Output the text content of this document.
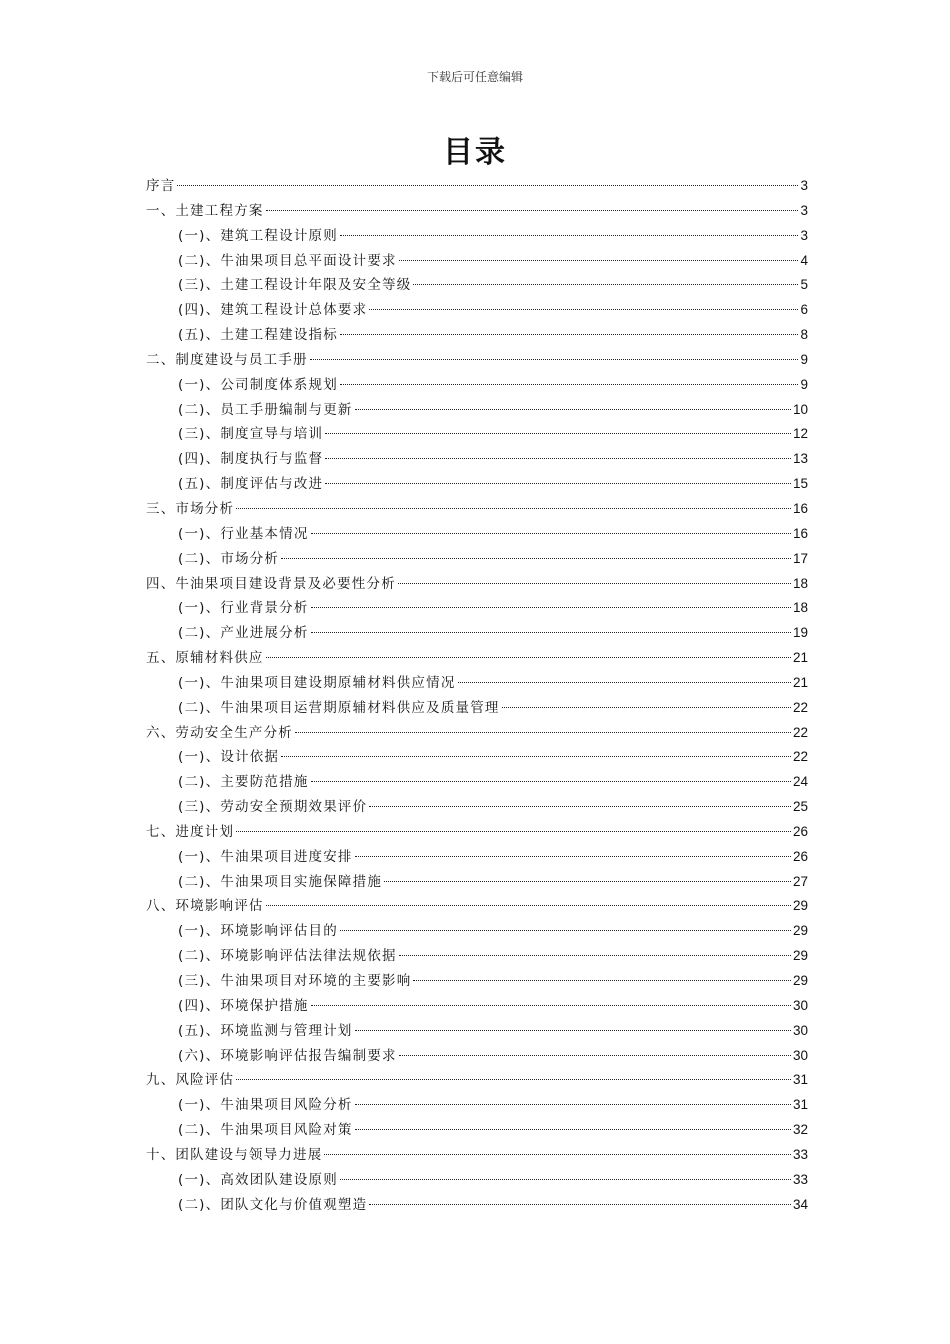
下载后可任意编辑
目录
序言	3
一、土建工程方案	3
(一)、建筑工程设计原则	3
(二)、牛油果项目总平面设计要求	4
(三)、土建工程设计年限及安全等级	5
(四)、建筑工程设计总体要求	6
(五)、土建工程建设指标	8
二、制度建设与员工手册	9
(一)、公司制度体系规划	9
(二)、员工手册编制与更新	10
(三)、制度宣导与培训	12
(四)、制度执行与监督	13
(五)、制度评估与改进	15
三、市场分析	16
(一)、行业基本情况	16
(二)、市场分析	17
四、牛油果项目建设背景及必要性分析	18
(一)、行业背景分析	18
(二)、产业进展分析	19
五、原辅材料供应	21
(一)、牛油果项目建设期原辅材料供应情况	21
(二)、牛油果项目运营期原辅材料供应及质量管理	22
六、劳动安全生产分析	22
(一)、设计依据	22
(二)、主要防范措施	24
(三)、劳动安全预期效果评价	25
七、进度计划	26
(一)、牛油果项目进度安排	26
(二)、牛油果项目实施保障措施	27
八、环境影响评估	29
(一)、环境影响评估目的	29
(二)、环境影响评估法律法规依据	29
(三)、牛油果项目对环境的主要影响	29
(四)、环境保护措施	30
(五)、环境监测与管理计划	30
(六)、环境影响评估报告编制要求	30
九、风险评估	31
(一)、牛油果项目风险分析	31
(二)、牛油果项目风险对策	32
十、团队建设与领导力进展	33
(一)、高效团队建设原则	33
(二)、团队文化与价值观塑造	34
